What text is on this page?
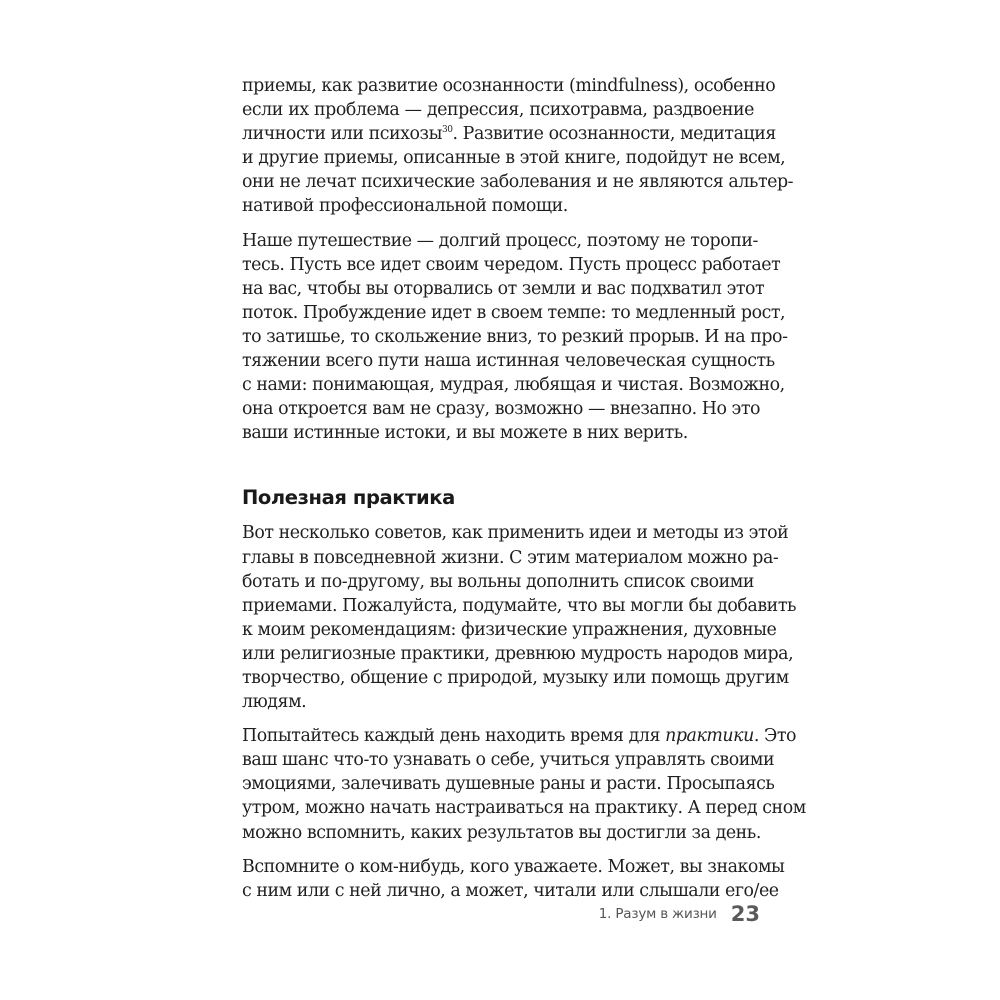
приемы, как развитие осознанности (mindfulness), особенно
если их проблема — депрессия, психотравма, раздвоение
личности или психозы$^{30}$. Развитие осознанности, медитация
и другие приемы, описанные в этой книге, подойдут не всем,
они не лечат психические заболевания и не являются альтер-
нативой профессиональной помощи.
Наше путешествие — долгий процесс, поэтому не торопи-
тесь. Пусть все идет своим чередом. Пусть процесс работает
на вас, чтобы вы оторвались от земли и вас подхватил этот
поток. Пробуждение идет в своем темпе: то медленный рост,
то затишье, то скольжение вниз, то резкий прорыв. И на про-
тяжении всего пути наша истинная человеческая сущность
с нами: понимающая, мудрая, любящая и чистая. Возможно,
она откроется вам не сразу, возможно — внезапно. Но это
ваши истинные истоки, и вы можете в них верить.
Полезная практика
Вот несколько советов, как применить идеи и методы из этой
главы в повседневной жизни. С этим материалом можно ра-
ботать и по-другому, вы вольны дополнить список своими
приемами. Пожалуйста, подумайте, что вы могли бы добавить
к моим рекомендациям: физические упражнения, духовные
или религиозные практики, древнюю мудрость народов мира,
творчество, общение с природой, музыку или помощь другим
людям.
Попытайтесь каждый день находить время для практики. Это
ваш шанс что-то узнавать о себе, учиться управлять своими
эмоциями, залечивать душевные раны и расти. Просыпаясь
утром, можно начать настраиваться на практику. А перед сном
можно вспомнить, каких результатов вы достигли за день.
Вспомните о ком-нибудь, кого уважаете. Может, вы знакомы
с ним или с ней лично, а может, читали или слышали его/ее
1. Разум в жизни 23
